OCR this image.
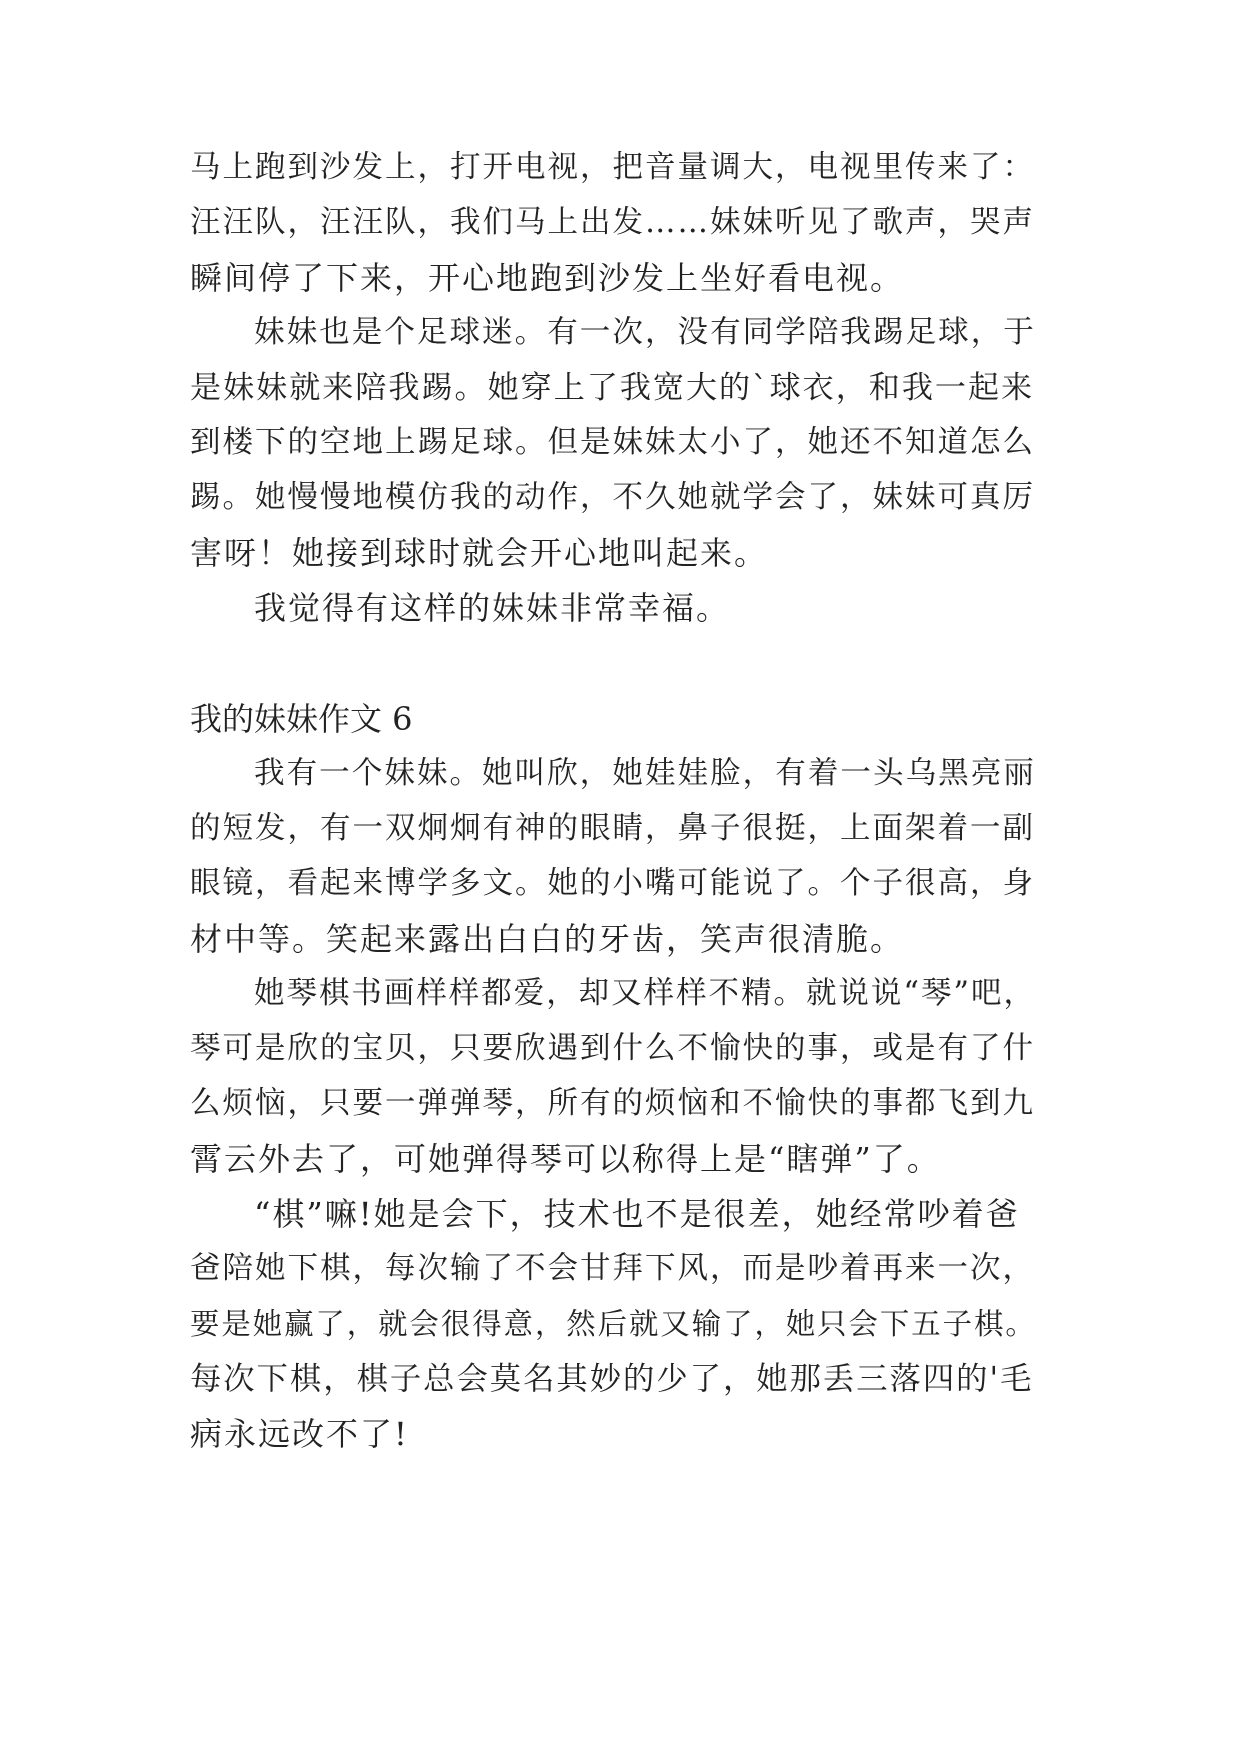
马上跑到沙发上，打开电视，把音量调大，电视里传来了：
汪汪队，汪汪队，我们马上出发……妹妹听见了歌声，哭声
瞬间停了下来，开心地跑到沙发上坐好看电视。
妹妹也是个足球迷。有一次，没有同学陪我踢足球，于
是妹妹就来陪我踢。她穿上了我宽大的`球衣，和我一起来
到楼下的空地上踢足球。但是妹妹太小了，她还不知道怎么
踢。她慢慢地模仿我的动作，不久她就学会了，妹妹可真厉
害呀！她接到球时就会开心地叫起来。
我觉得有这样的妹妹非常幸福。
我的妹妹作文 6
我有一个妹妹。她叫欣，她娃娃脸，有着一头乌黑亮丽
的短发，有一双炯炯有神的眼睛，鼻子很挺，上面架着一副
眼镜，看起来博学多文。她的小嘴可能说了。个子很高，身
材中等。笑起来露出白白的牙齿，笑声很清脆。
她琴棋书画样样都爱，却又样样不精。就说说“琴”吧，
琴可是欣的宝贝，只要欣遇到什么不愉快的事，或是有了什
么烦恼，只要一弹弹琴，所有的烦恼和不愉快的事都飞到九
霄云外去了，可她弹得琴可以称得上是“瞎弹”了。
“棋”嘛!她是会下，技术也不是很差，她经常吵着爸
爸陪她下棋，每次输了不会甘拜下风，而是吵着再来一次，
要是她赢了，就会很得意，然后就又输了，她只会下五子棋。
每次下棋，棋子总会莫名其妙的少了，她那丢三落四的'毛
病永远改不了!
